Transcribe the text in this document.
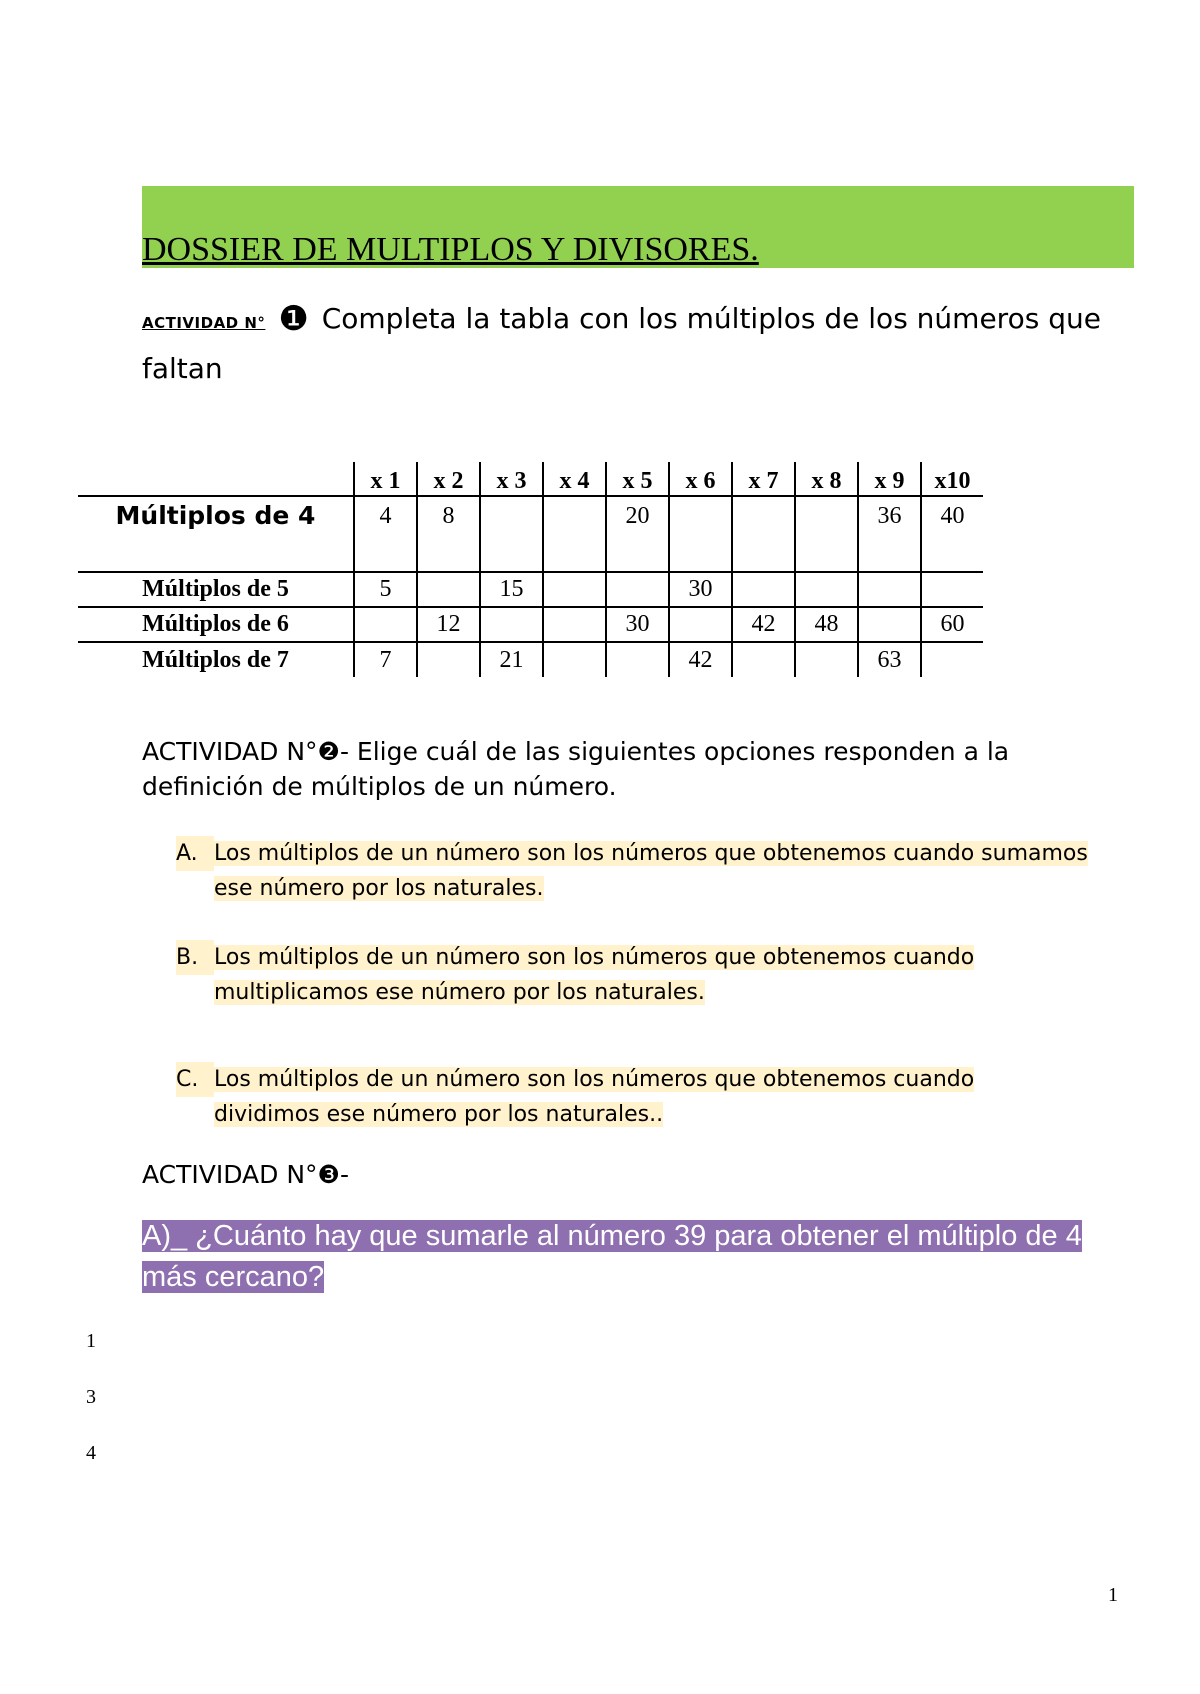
DOSSIER DE MULTIPLOS Y DIVISORES.
ACTIVIDAD N° ❶ Completa la tabla con los múltiplos de los números que faltan
	x 1	x 2	x 3	x 4	x 5	x 6	x 7	x 8	x 9	x10
Múltiplos de 4	4	8			20				36	40
Múltiplos de 5	5		15			30				
Múltiplos de 6		12			30		42	48		60
Múltiplos de 7	7		21			42			63	
ACTIVIDAD N°❷- Elige cuál de las siguientes opciones responden a la definición de múltiplos de un número.
A. Los múltiplos de un número son los números que obtenemos cuando sumamos
ese número por los naturales.
B. Los múltiplos de un número son los números que obtenemos cuando
multiplicamos ese número por los naturales.
C. Los múltiplos de un número son los números que obtenemos cuando
dividimos ese número por los naturales..
ACTIVIDAD N°❸-
A)_ ¿Cuánto hay que sumarle al número 39 para obtener el múltiplo de 4 más cercano?
1
3
4
1
